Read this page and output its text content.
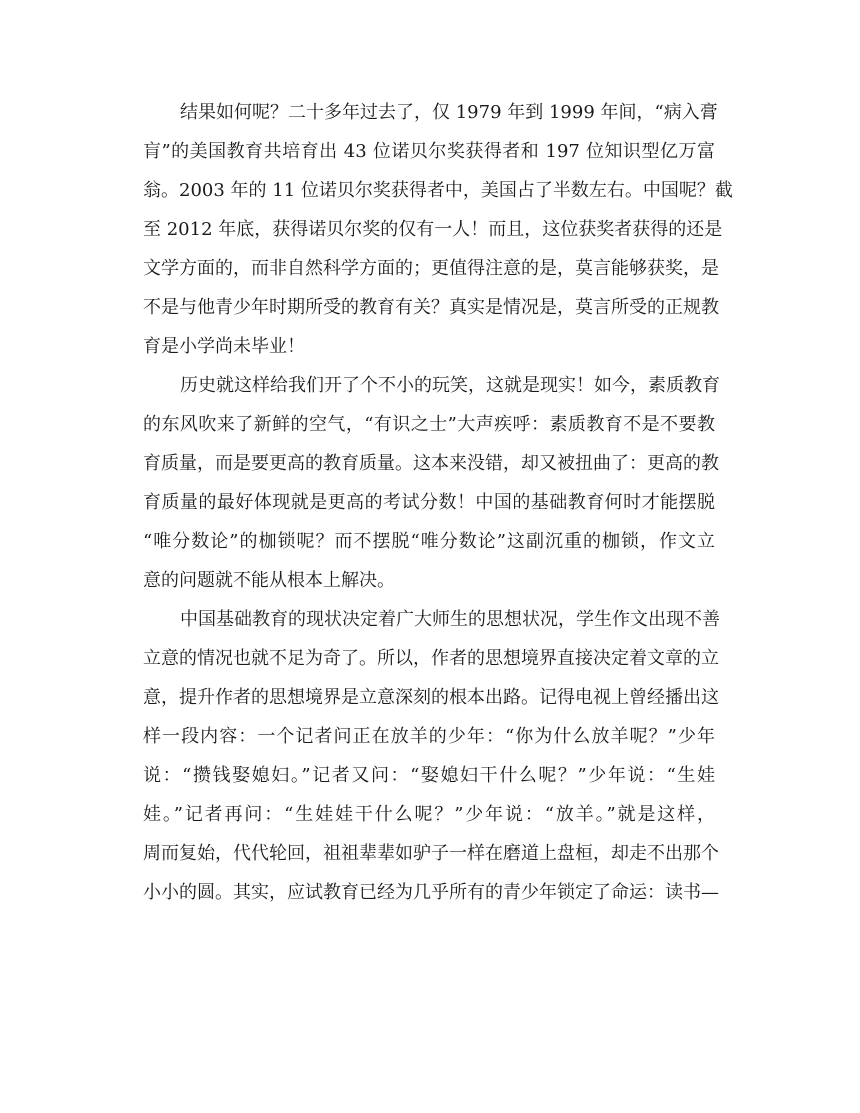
结果如何呢？二十多年过去了，仅 1979 年到 1999 年间，“病入膏
肓”的美国教育共培育出 43 位诺贝尔奖获得者和 197 位知识型亿万富
翁。2003 年的 11 位诺贝尔奖获得者中，美国占了半数左右。中国呢？截
至 2012 年底，获得诺贝尔奖的仅有一人！而且，这位获奖者获得的还是
文学方面的，而非自然科学方面的；更值得注意的是，莫言能够获奖，是
不是与他青少年时期所受的教育有关？真实是情况是，莫言所受的正规教
育是小学尚未毕业！
历史就这样给我们开了个不小的玩笑，这就是现实！如今，素质教育
的东风吹来了新鲜的空气，“有识之士”大声疾呼：素质教育不是不要教
育质量，而是要更高的教育质量。这本来没错，却又被扭曲了：更高的教
育质量的最好体现就是更高的考试分数！中国的基础教育何时才能摆脱
“唯分数论”的枷锁呢？而不摆脱“唯分数论”这副沉重的枷锁，作文立
意的问题就不能从根本上解决。
中国基础教育的现状决定着广大师生的思想状况，学生作文出现不善
立意的情况也就不足为奇了。所以，作者的思想境界直接决定着文章的立
意，提升作者的思想境界是立意深刻的根本出路。记得电视上曾经播出这
样一段内容：一个记者问正在放羊的少年：“你为什么放羊呢？”少年
说：“攒钱娶媳妇。”记者又问：“娶媳妇干什么呢？”少年说：“生娃
娃。”记者再问：“生娃娃干什么呢？”少年说：“放羊。”就是这样，
周而复始，代代轮回，祖祖辈辈如驴子一样在磨道上盘桓，却走不出那个
小小的圆。其实，应试教育已经为几乎所有的青少年锁定了命运：读书—
